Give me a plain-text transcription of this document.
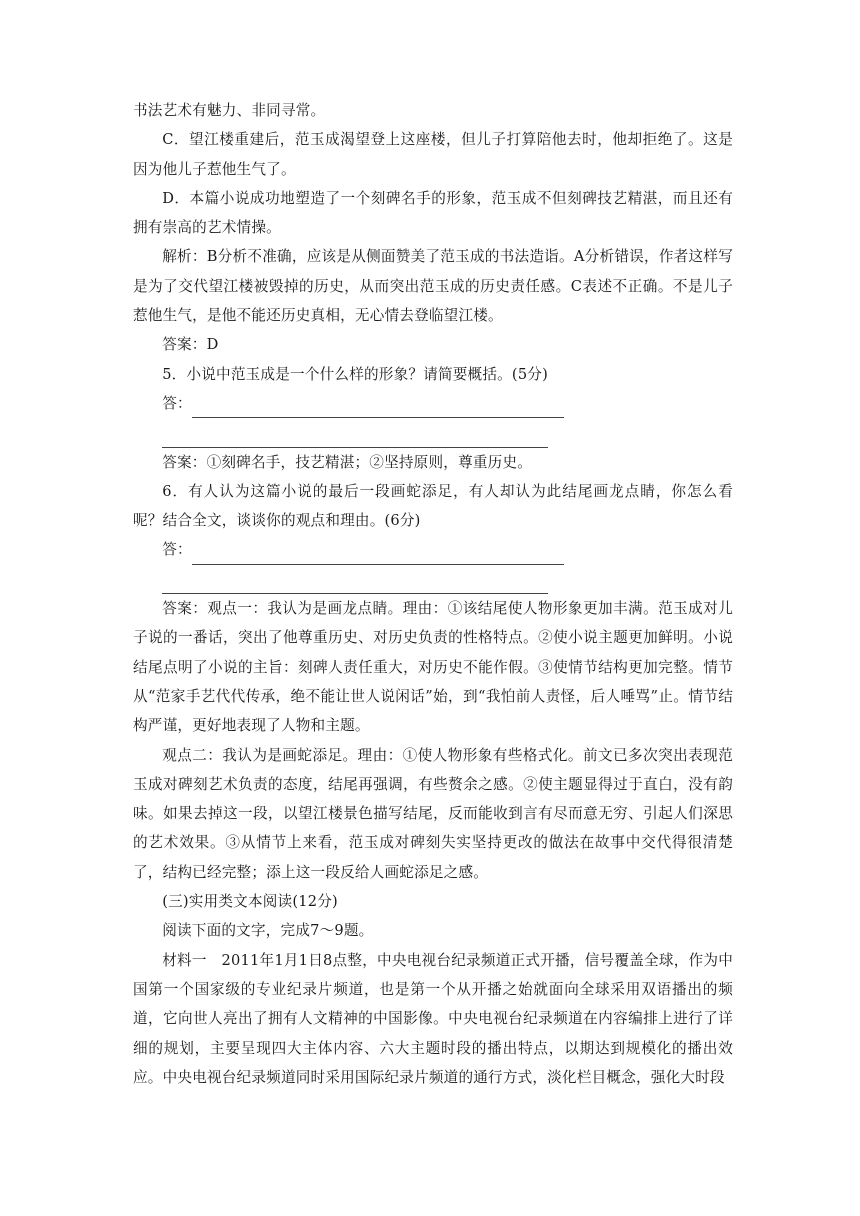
书法艺术有魅力、非同寻常。

C．望江楼重建后，范玉成渴望登上这座楼，但儿子打算陪他去时，他却拒绝了。这是因为他儿子惹他生气了。

D．本篇小说成功地塑造了一个刻碑名手的形象，范玉成不但刻碑技艺精湛，而且还有拥有崇高的艺术情操。

解析：B分析不准确，应该是从侧面赞美了范玉成的书法造诣。A分析错误，作者这样写是为了交代望江楼被毁掉的历史，从而突出范玉成的历史责任感。C表述不正确。不是儿子惹他生气，是他不能还历史真相，无心情去登临望江楼。

答案：D

5．小说中范玉成是一个什么样的形象？请简要概括。(5分)

答：

答案：①刻碑名手，技艺精湛；②坚持原则，尊重历史。

6．有人认为这篇小说的最后一段画蛇添足，有人却认为此结尾画龙点睛，你怎么看呢？结合全文，谈谈你的观点和理由。(6分)

答：

答案：观点一：我认为是画龙点睛。理由：①该结尾使人物形象更加丰满。范玉成对儿子说的一番话，突出了他尊重历史、对历史负责的性格特点。②使小说主题更加鲜明。小说结尾点明了小说的主旨：刻碑人责任重大，对历史不能作假。③使情节结构更加完整。情节从“范家手艺代代传承，绝不能让世人说闲话”始，到“我怕前人责怪，后人唾骂”止。情节结构严谨，更好地表现了人物和主题。

观点二：我认为是画蛇添足。理由：①使人物形象有些格式化。前文已多次突出表现范玉成对碑刻艺术负责的态度，结尾再强调，有些赘余之感。②使主题显得过于直白，没有韵味。如果去掉这一段，以望江楼景色描写结尾，反而能收到言有尽而意无穷、引起人们深思的艺术效果。③从情节上来看，范玉成对碑刻失实坚持更改的做法在故事中交代得很清楚了，结构已经完整；添上这一段反给人画蛇添足之感。

(三)实用类文本阅读(12分)

阅读下面的文字，完成7～9题。

材料一　2011年1月1日8点整，中央电视台纪录频道正式开播，信号覆盖全球，作为中国第一个国家级的专业纪录片频道，也是第一个从开播之始就面向全球采用双语播出的频道，它向世人亮出了拥有人文精神的中国影像。中央电视台纪录频道在内容编排上进行了详细的规划，主要呈现四大主体内容、六大主题时段的播出特点，以期达到规模化的播出效应。中央电视台纪录频道同时采用国际纪录片频道的通行方式，淡化栏目概念，强化大时段
